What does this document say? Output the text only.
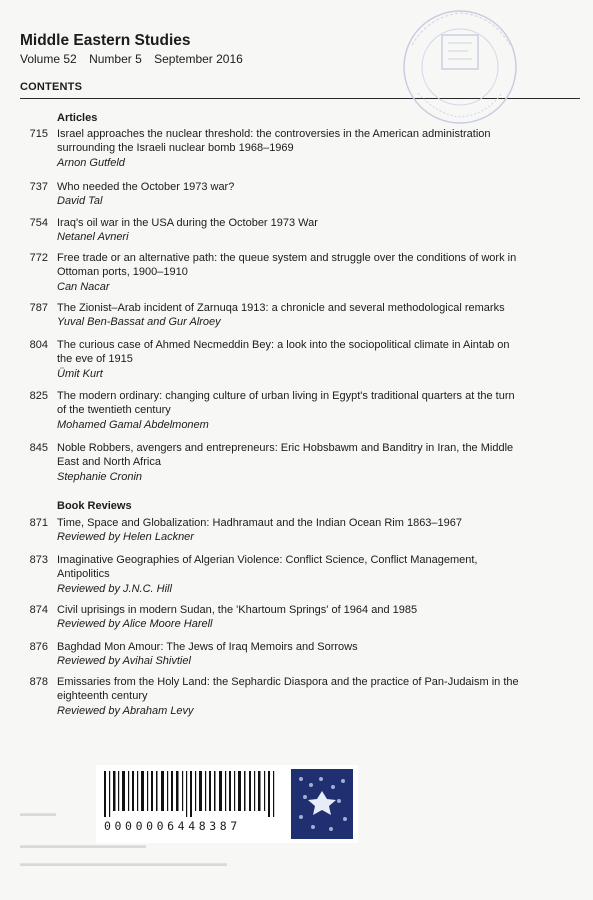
Middle Eastern Studies
Volume 52 Number 5 September 2016
CONTENTS
Articles
715 Israel approaches the nuclear threshold: the controversies in the American administration surrounding the Israeli nuclear bomb 1968–1969
Arnon Gutfeld
737 Who needed the October 1973 war?
David Tal
754 Iraq's oil war in the USA during the October 1973 War
Netanel Avneri
772 Free trade or an alternative path: the queue system and struggle over the conditions of work in Ottoman ports, 1900–1910
Can Nacar
787 The Zionist–Arab incident of Zarnuqa 1913: a chronicle and several methodological remarks
Yuval Ben-Bassat and Gur Alroey
804 The curious case of Ahmed Necmeddin Bey: a look into the sociopolitical climate in Aintab on the eve of 1915
Ümit Kurt
825 The modern ordinary: changing culture of urban living in Egypt's traditional quarters at the turn of the twentieth century
Mohamed Gamal Abdelmonem
845 Noble Robbers, avengers and entrepreneurs: Eric Hobsbawm and Banditry in Iran, the Middle East and North Africa
Stephanie Cronin
Book Reviews
871 Time, Space and Globalization: Hadhramaut and the Indian Ocean Rim 1863–1967
Reviewed by Helen Lackner
873 Imaginative Geographies of Algerian Violence: Conflict Science, Conflict Management, Antipolitics
Reviewed by J.N.C. Hill
874 Civil uprisings in modern Sudan, the 'Khartoum Springs' of 1964 and 1985
Reviewed by Alice Moore Harell
876 Baghdad Mon Amour: The Jews of Iraq Memoirs and Sorrows
Reviewed by Avihai Shivtiel
878 Emissaries from the Holy Land: the Sephardic Diaspora and the practice of Pan-Judaism in the eighteenth century
Reviewed by Abraham Levy
0000006448387
▬▬▬▬
▬▬▬▬▬▬▬▬▬▬▬▬▬▬
▬▬▬▬▬▬▬▬▬▬▬▬▬▬▬▬▬▬▬▬▬▬▬
